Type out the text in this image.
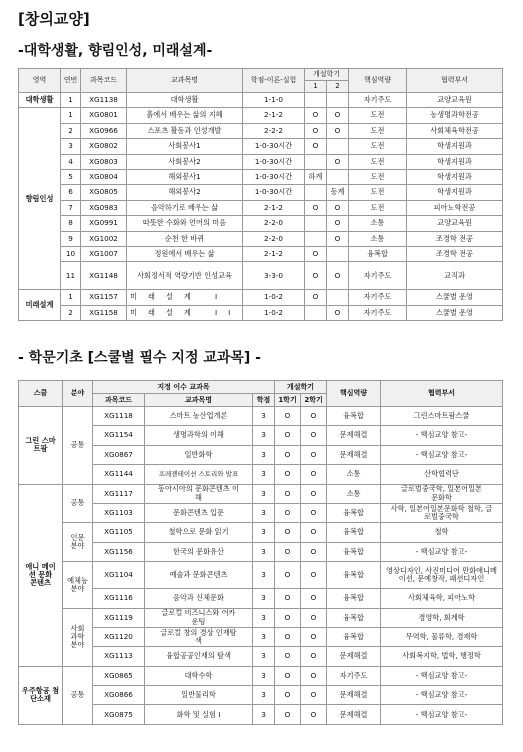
[창의교양]
-대학생활, 향림인성, 미래설계-
영역	연번	과목코드	교과목명	학점-이론-실험	개설학기		핵심역량	협력부서
					1	2		
대학생활	1	XG1138	대학생활	1-1-0			자기주도	교양교육원
향림인성	1	XG0801	흙에서 배우는 삶의 지혜	2-1-2	O	O	도전	농생명과학전공
	2	XG0966	스포츠 활동과 인성개발	2-2-2	O	O	도전	사회체육학전공
	3	XG0802	사회봉사1	1-0-30시간	O		도전	학생지원과
	4	XG0803	사회봉사2	1-0-30시간		O	도전	학생지원과
	5	XG0804	해외봉사1	1-0-30시간	하계		도전	학생지원과
	6	XG0805	해외봉사2	1-0-30시간		동계	도전	학생지원과
	7	XG0983	음악하기로 배우는 삶	2-1-2	O	O	도전	피아노학전공
	8	XG0991	따뜻한 수화와 언어의 미음	2-2-0		O	소통	교양교육원
	9	XG1002	순천 한 바퀴	2-2-0		O	소통	조경학 전공
	10	XG1007	정원에서 배우는 삶	2-1-2	O		융복합	조경학 전공
	11	XG1148	사회정서적 역량기반 인성교육	3-3-0	O	O	자기주도	교직과
미래설계	1	XG1157	미래설계 I	1-0-2	O		자기주도	스쿨별 운영
	2	XG1158	미래설계 II	1-0-2		O	자기주도	스쿨별 운영
- 학문기초 [스쿨별 필수 지정 교과목] -
스쿨	분야	지정 이수 교과목			개설학기		핵심역량	협력부서
		과목코드	교과목명	학점	1학기	2학기		
그린 스마트팜	공통	XG1118	스마트 농산업개론	3	O	O	융복합	그린스마트팜스쿨
		XG1154	생명과학의 이해	3	O	O	문제해결	- 핵심교양 참고-
		XG0867	일반화학	3	O	O	문제해결	- 핵심교양 참고-
		XG1144	프레젠테이션 스토리와 발표	3	O	O	소통	산학협력단
애니 메이션 문화 콘텐츠	공통	XG1117	동아시아의 문화콘텐츠 이해	3	O	O	소통	글로벌중국학, 일본어일본문화학
		XG1103	문화콘텐츠 입문	3	O	O	융복합	사학, 일본어일본문화학 철학, 글로벌중국학
	인문 분야	XG1105	철학으로 문화 읽기	3	O	O	융복합	철학
		XG1156	한국의 문화유산	3	O	O	융복합	- 핵심교양 참고-
	예체능 분야	XG1104	예술과 문화콘텐츠	3	O	O	융복합	영상디자인, 사진미디어 만화애니메이션, 문예창작, 패션디자인
		XG1116	음악과 신체문화	3	O	O	융복합	사회체육학, 피아노학
	사회 과학 분야	XG1119	글로컬 비즈니스와 어카운팅	3	O	O	융복합	경영학, 회계학
		XG1120	글로컬 창의 경상 인재탐색	3	O	O	융복합	무역학, 물류학, 경제학
		XG1113	융합공공인재의 탐색	3	O	O	문제해결	사회복지학, 법학, 행정학
우주항공 첨단소재	공통	XG0865	대학수학	3	O	O	자기주도	- 핵심교양 참고-
		XG0866	일반물리학	3	O	O	문제해결	- 핵심교양 참고-
		XG0875	화학 및 실험 I	3	O	O	문제해결	- 핵심교양 참고-
